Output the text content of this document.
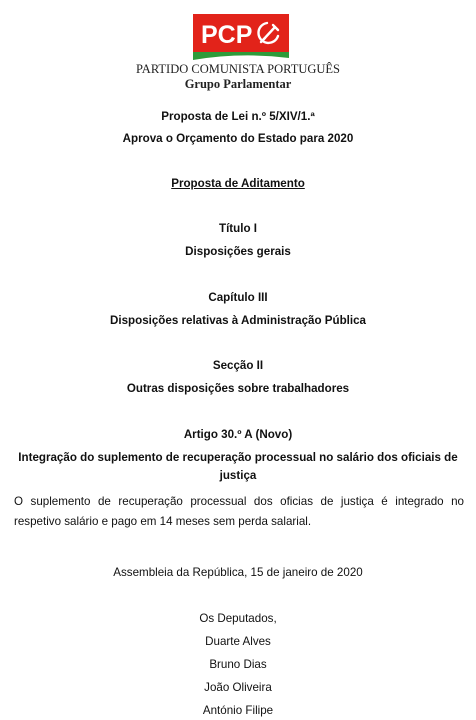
PCP
PARTIDO COMUNISTA PORTUGUÊS
Grupo Parlamentar
Proposta de Lei n.º 5/XIV/1.ª
Aprova o Orçamento do Estado para 2020
Proposta de Aditamento
Título I
Disposições gerais
Capítulo III
Disposições relativas à Administração Pública
Secção II
Outras disposições sobre trabalhadores
Artigo 30.º A (Novo)
Integração do suplemento de recuperação processual no salário dos oficiais de
justiça
O suplemento de recuperação processual dos oficias de justiça é integrado no
respetivo salário e pago em 14 meses sem perda salarial.
Assembleia da República, 15 de janeiro de 2020
Os Deputados,
Duarte Alves
Bruno Dias
João Oliveira
António Filipe
